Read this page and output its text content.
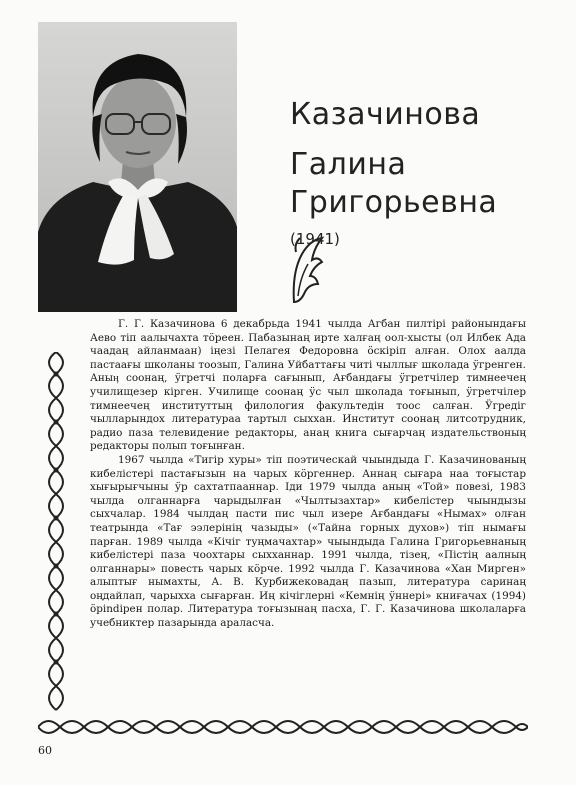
Казачинова
Галина
Григорьевна
(1941)

Г. Г. Казачинова 6 декабрьда 1941 чылда Агбан пилтірі районындағы Аево тіп аалычахта тӧреен. Пабазынаң ирте халғаң оол-хысты (ол Илбек Ада чаадаң айланмаан) іңезі Пелагея Федоровна ӧскіріп алған. Олох аалда пастаағы школаны тоозып, Галина Уйбаттағы читі чыллығ школада ӱгренген. Аныӊ соонаң, ӱгретчі поларға сағынып, Ағбандағы ӱгретчілер тимнеечең училищезер кірген. Училище соонаң ӱс чыл школада тоғынып, ӱгретчілер тимнеечең институттың филология факультедін тоос салған. Ӱгредіг чылларындох литератураа тартыл сыххан. Институт соонаң литсотрудник, радио паза телевидение редакторы, анаң книга сығарчаң издательствоның редакторы полып тоғынған.

1967 чылда «Тигір хуры» тіп поэтическай чыындыда Г. Казачинованың кибелістері пастағызын на чарых кӧргеннер. Аннаң сығара наа тоғыстар хығырығчыны ӱр сахтатпааннар. Іди 1979 чылда аның «Той» повезі, 1983 чылда олганнарға чарыдылған «Чылтызахтар» кибелістер чыындызы сыхчалар. 1984 чылдаң пасти пис чыл изере Ағбандағы «Нымах» олған театрында «Тағ ээлерінің чазыды» («Тайна горных духов») тіп нымағы парған. 1989 чылда «Кічіг туңмачахтар» чыындыда Галина Григорьевнаның кибелістері паза чоохтары сыхханнар. 1991 чылда, тізең, «Пістің аалның олганнары» повесть чарых кӧрче. 1992 чылда Г. Казачинова «Хан Мирген» алыптығ нымахты, А. В. Курбижековадаң пазып, литература саринаң оңдайлап, чарыхха сығарған. Иң кічіглерні «Кемнің ӱннері» книғачах (1994) ӧрindірен полар. Литература тоғызынаң пасха, Г. Г. Казачинова школаларға учебниктер пазарында араласча.

60
